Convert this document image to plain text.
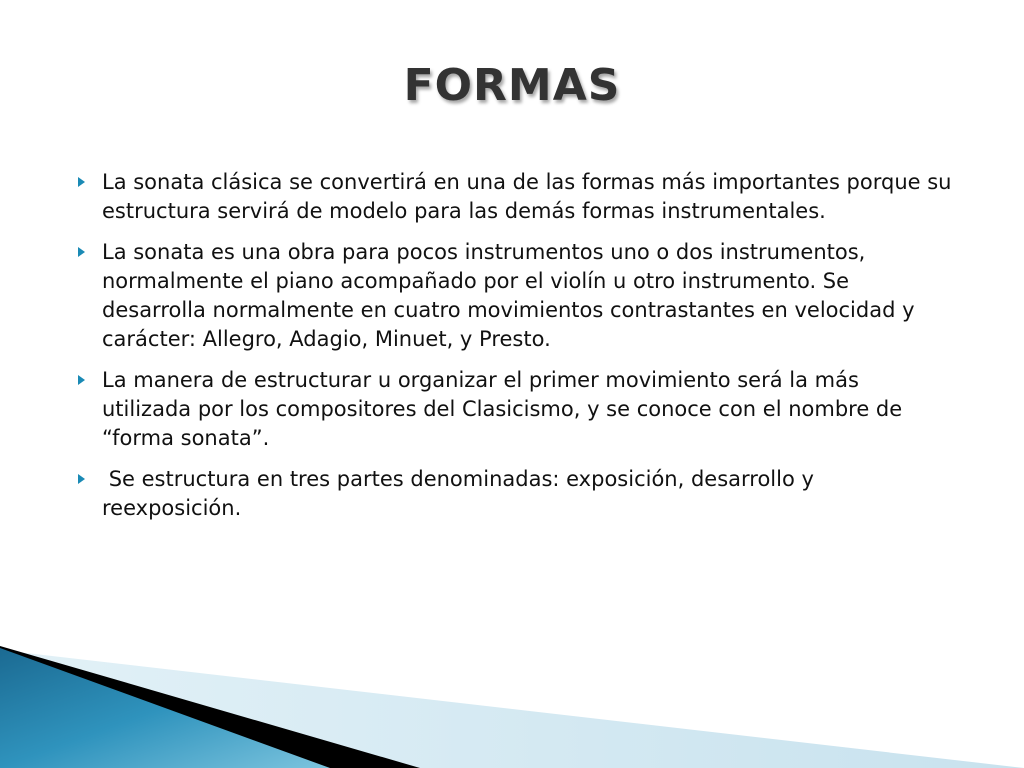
FORMAS
La sonata clásica se convertirá en una de las formas más importantes porque su estructura servirá de modelo para las demás formas instrumentales.
La sonata es una obra para pocos instrumentos uno o dos instrumentos, normalmente el piano acompañado por el violín u otro instrumento. Se desarrolla normalmente en cuatro movimientos contrastantes en velocidad y carácter: Allegro, Adagio, Minuet, y Presto.
La manera de estructurar u organizar el primer movimiento será la más utilizada por los compositores del Clasicismo, y se conoce con el nombre de “forma sonata”.
Se estructura en tres partes denominadas: exposición, desarrollo y reexposición.
